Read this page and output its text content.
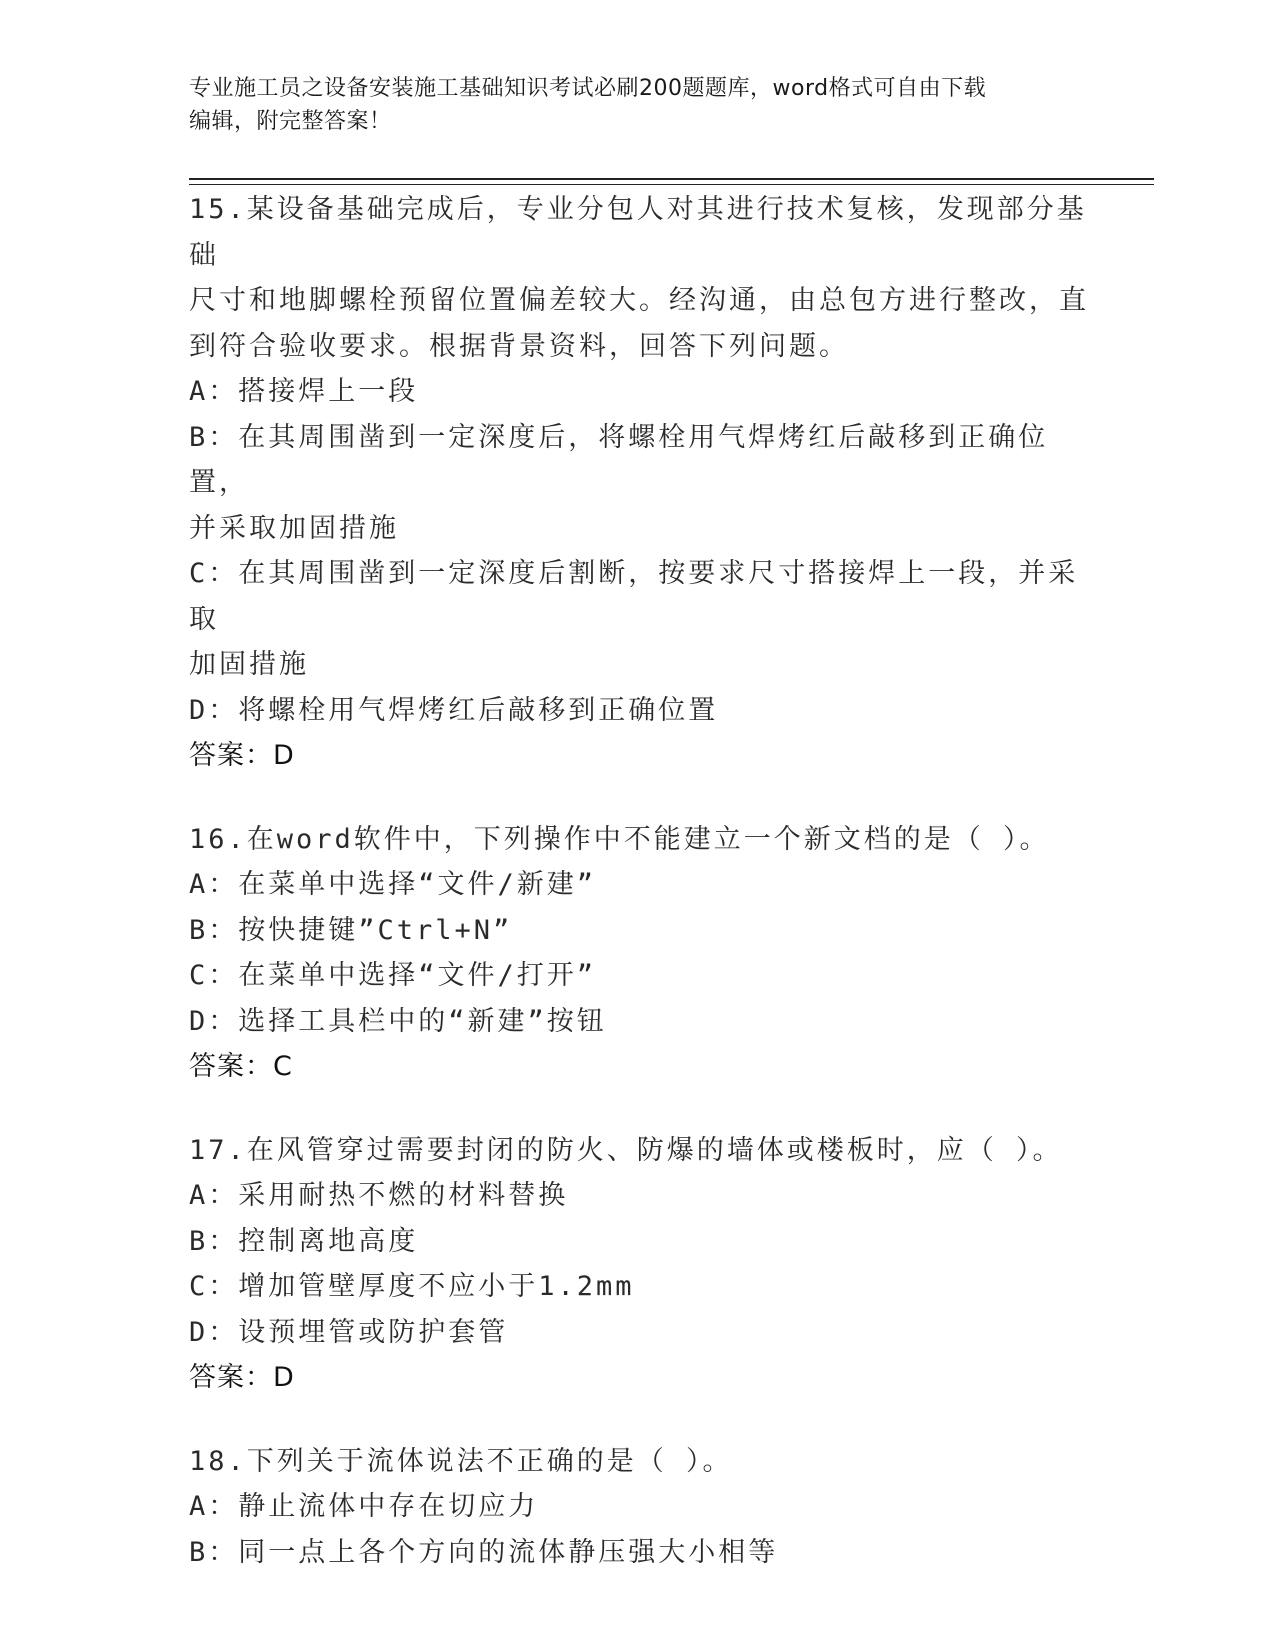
专业施工员之设备安装施工基础知识考试必刷200题题库，word格式可自由下载
编辑，附完整答案！
15.某设备基础完成后，专业分包人对其进行技术复核，发现部分基础
尺寸和地脚螺栓预留位置偏差较大。经沟通，由总包方进行整改，直
到符合验收要求。根据背景资料，回答下列问题。
A：搭接焊上一段
B：在其周围凿到一定深度后，将螺栓用气焊烤红后敲移到正确位置，
并采取加固措施
C：在其周围凿到一定深度后割断，按要求尺寸搭接焊上一段，并采取
加固措施
D：将螺栓用气焊烤红后敲移到正确位置
答案：D
16.在word软件中，下列操作中不能建立一个新文档的是（ ）。
A：在菜单中选择“文件/新建”
B：按快捷键”Ctrl+N”
C：在菜单中选择“文件/打开”
D：选择工具栏中的“新建”按钮
答案：C
17.在风管穿过需要封闭的防火、防爆的墙体或楼板时，应（ ）。
A：采用耐热不燃的材料替换
B：控制离地高度
C：增加管壁厚度不应小于1.2mm
D：设预埋管或防护套管
答案：D
18.下列关于流体说法不正确的是（ ）。
A：静止流体中存在切应力
B：同一点上各个方向的流体静压强大小相等
